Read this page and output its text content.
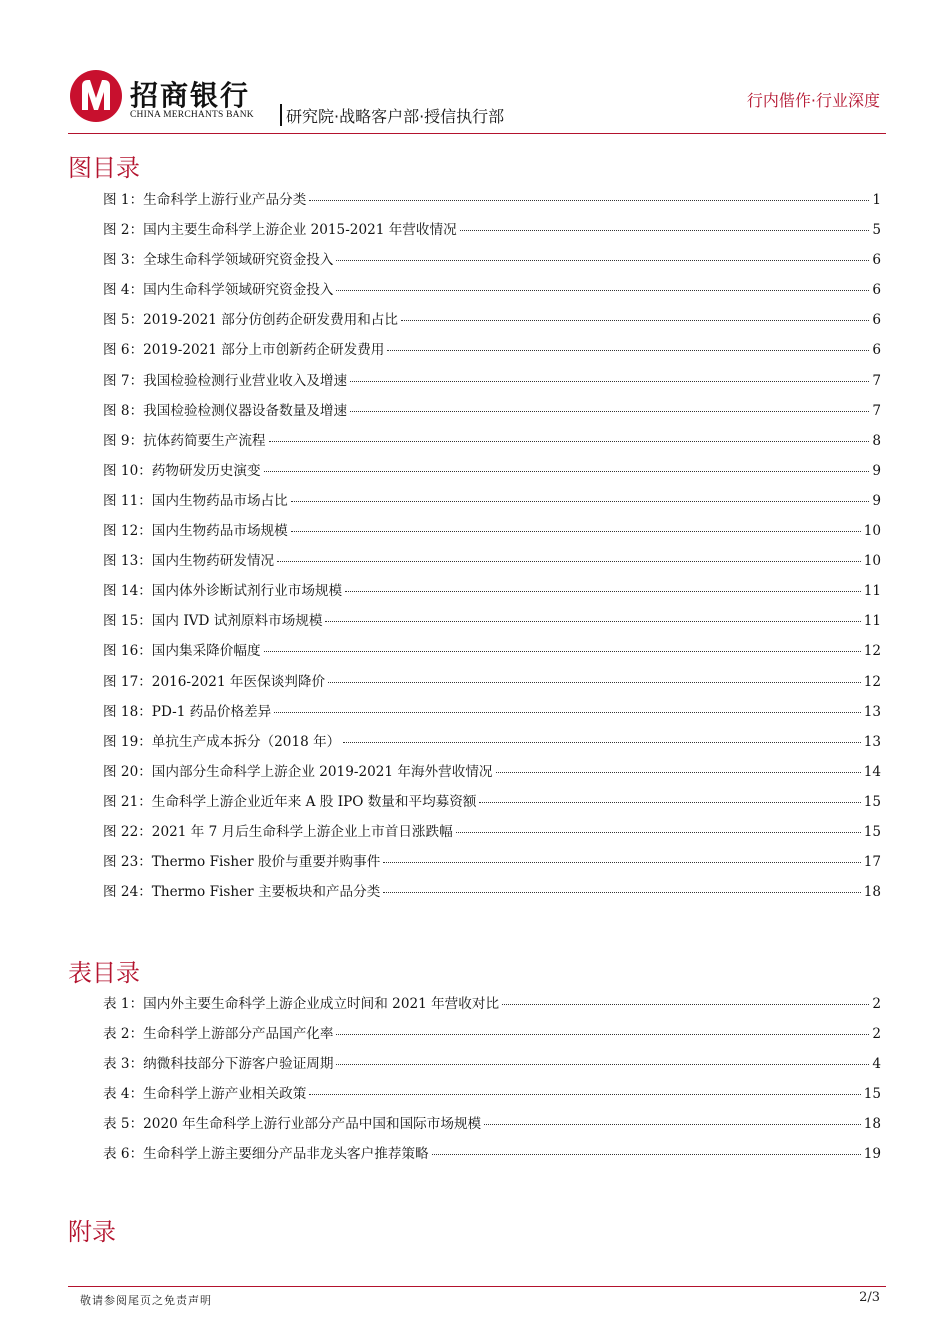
招商银行
CHINA MERCHANTS BANK 研究院·战略客户部·授信执行部
行内偕作·行业深度
图目录
图 1：生命科学上游行业产品分类	1
图 2：国内主要生命科学上游企业 2015-2021 年营收情况	5
图 3：全球生命科学领域研究资金投入	6
图 4：国内生命科学领域研究资金投入	6
图 5：2019-2021 部分仿创药企研发费用和占比	6
图 6：2019-2021 部分上市创新药企研发费用	6
图 7：我国检验检测行业营业收入及增速	7
图 8：我国检验检测仪器设备数量及增速	7
图 9：抗体药简要生产流程	8
图 10：药物研发历史演变	9
图 11：国内生物药品市场占比	9
图 12：国内生物药品市场规模	10
图 13：国内生物药研发情况	10
图 14：国内体外诊断试剂行业市场规模	11
图 15：国内 IVD 试剂原料市场规模	11
图 16：国内集采降价幅度	12
图 17：2016-2021 年医保谈判降价	12
图 18：PD-1 药品价格差异	13
图 19：单抗生产成本拆分（2018 年）	13
图 20：国内部分生命科学上游企业 2019-2021 年海外营收情况	14
图 21：生命科学上游企业近年来 A 股 IPO 数量和平均募资额	15
图 22：2021 年 7 月后生命科学上游企业上市首日涨跌幅	15
图 23：Thermo Fisher 股价与重要并购事件	17
图 24：Thermo Fisher 主要板块和产品分类	18
表目录
表 1：国内外主要生命科学上游企业成立时间和 2021 年营收对比	2
表 2：生命科学上游部分产品国产化率	2
表 3：纳微科技部分下游客户验证周期	4
表 4：生命科学上游产业相关政策	15
表 5：2020 年生命科学上游行业部分产品中国和国际市场规模	18
表 6：生命科学上游主要细分产品非龙头客户推荐策略	19
附录
敬请参阅尾页之免责声明	2/3
